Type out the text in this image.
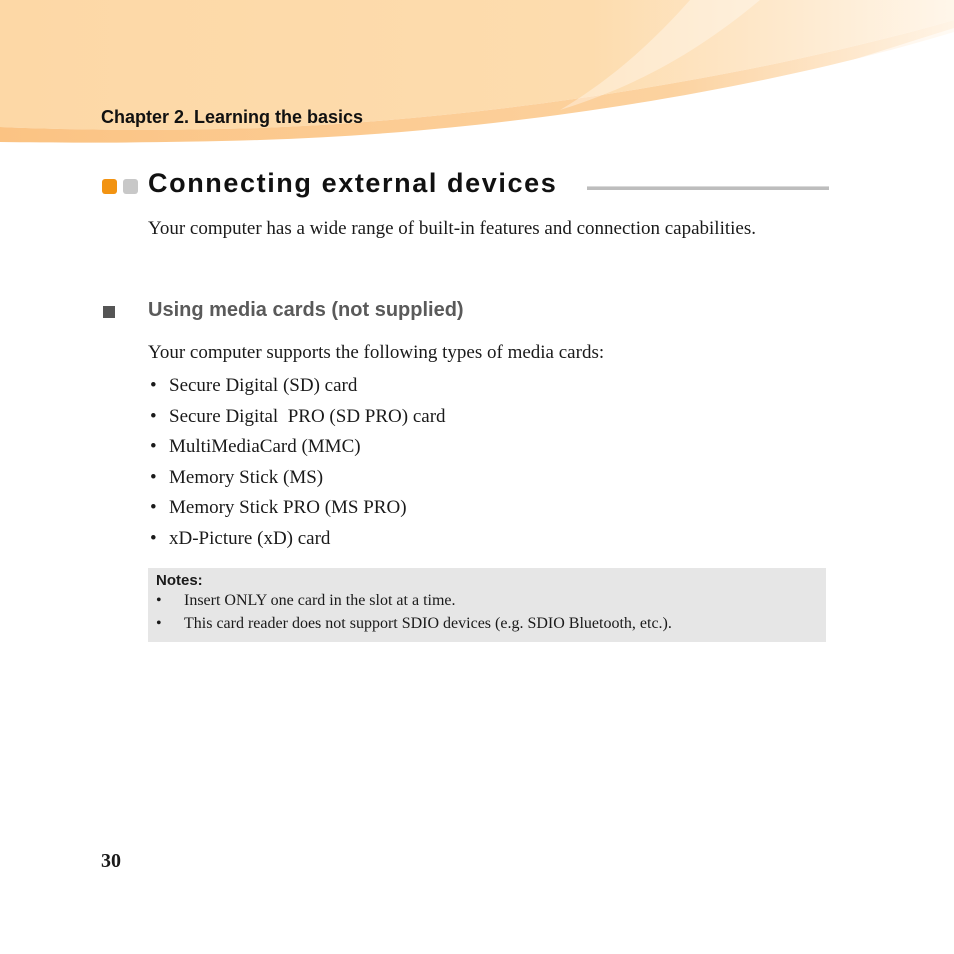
Chapter 2. Learning the basics
Connecting external devices

Your computer has a wide range of built-in features and connection capabilities.

Using media cards (not supplied)

Your computer supports the following types of media cards:

• Secure Digital (SD) card
• Secure Digital  PRO (SD PRO) card
• MultiMediaCard (MMC)
• Memory Stick (MS)
• Memory Stick PRO (MS PRO)
• xD-Picture (xD) card
Notes:
• Insert ONLY one card in the slot at a time.
• This card reader does not support SDIO devices (e.g. SDIO Bluetooth, etc.).
30
